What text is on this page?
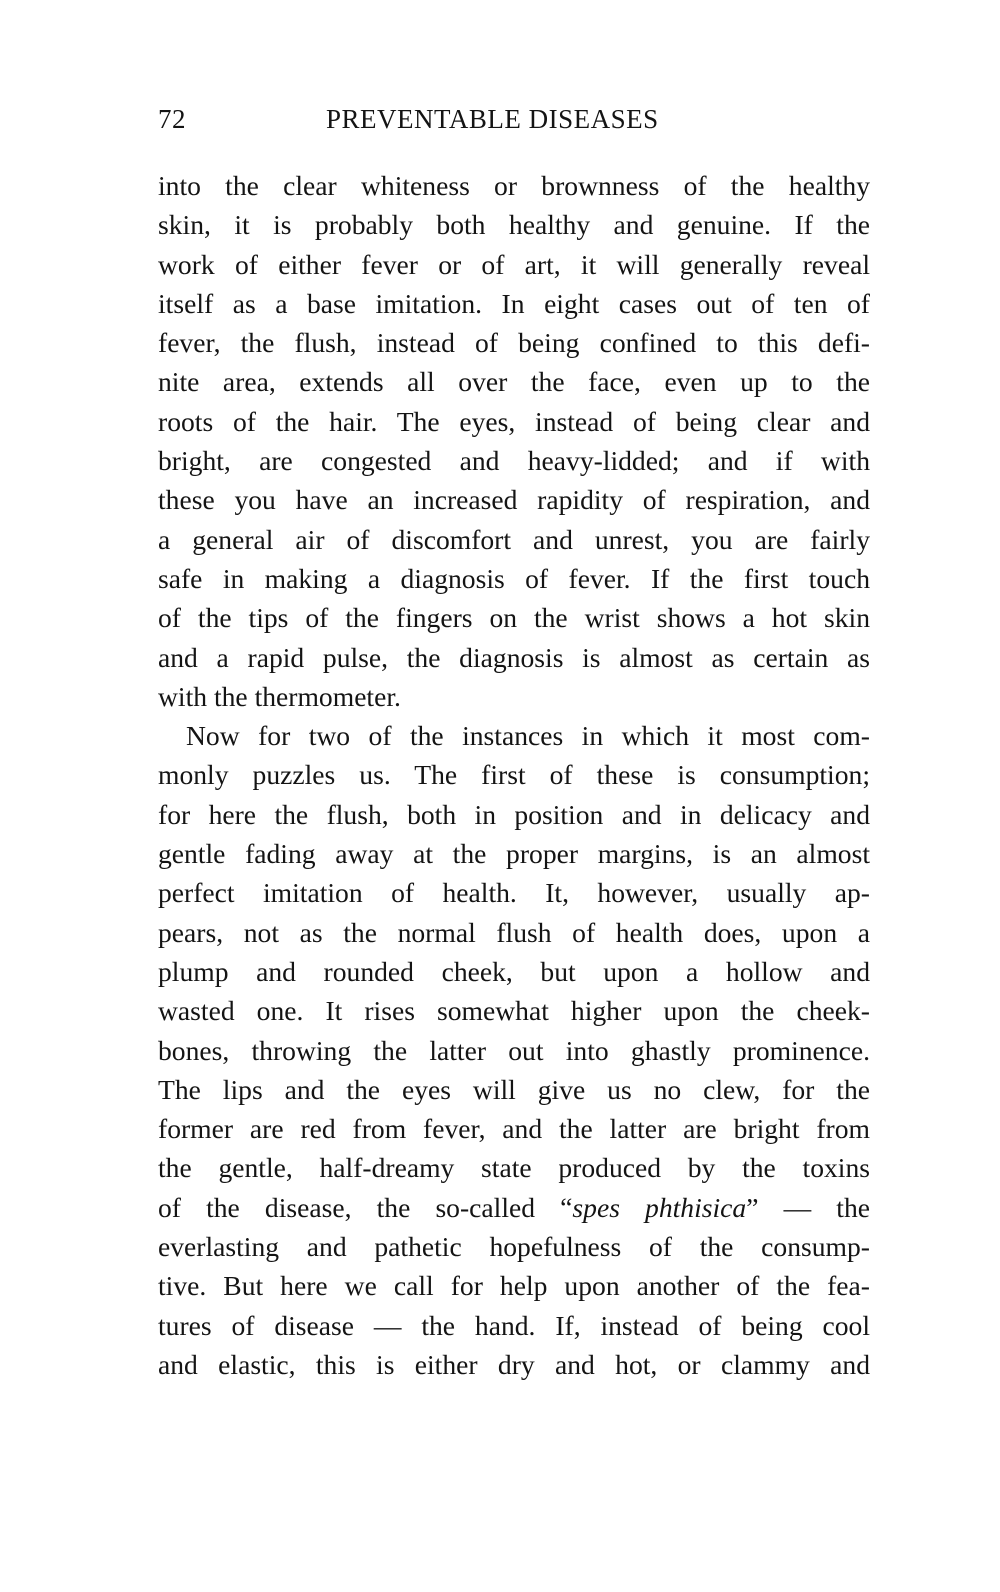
72	PREVENTABLE DISEASES
into the clear whiteness or brownness of the healthy
skin, it is probably both healthy and genuine. If the
work of either fever or of art, it will generally reveal
itself as a base imitation. In eight cases out of ten of
fever, the flush, instead of being confined to this defi-
nite area, extends all over the face, even up to the
roots of the hair. The eyes, instead of being clear and
bright, are congested and heavy-lidded; and if with
these you have an increased rapidity of respiration, and
a general air of discomfort and unrest, you are fairly
safe in making a diagnosis of fever. If the first touch
of the tips of the fingers on the wrist shows a hot skin
and a rapid pulse, the diagnosis is almost as certain as
with the thermometer.
Now for two of the instances in which it most com-
monly puzzles us. The first of these is consumption;
for here the flush, both in position and in delicacy and
gentle fading away at the proper margins, is an almost
perfect imitation of health. It, however, usually ap-
pears, not as the normal flush of health does, upon a
plump and rounded cheek, but upon a hollow and
wasted one. It rises somewhat higher upon the cheek-
bones, throwing the latter out into ghastly prominence.
The lips and the eyes will give us no clew, for the
former are red from fever, and the latter are bright from
the gentle, half-dreamy state produced by the toxins
of the disease, the so-called “spes phthisica” — the
everlasting and pathetic hopefulness of the consump-
tive. But here we call for help upon another of the fea-
tures of disease — the hand. If, instead of being cool
and elastic, this is either dry and hot, or clammy and
